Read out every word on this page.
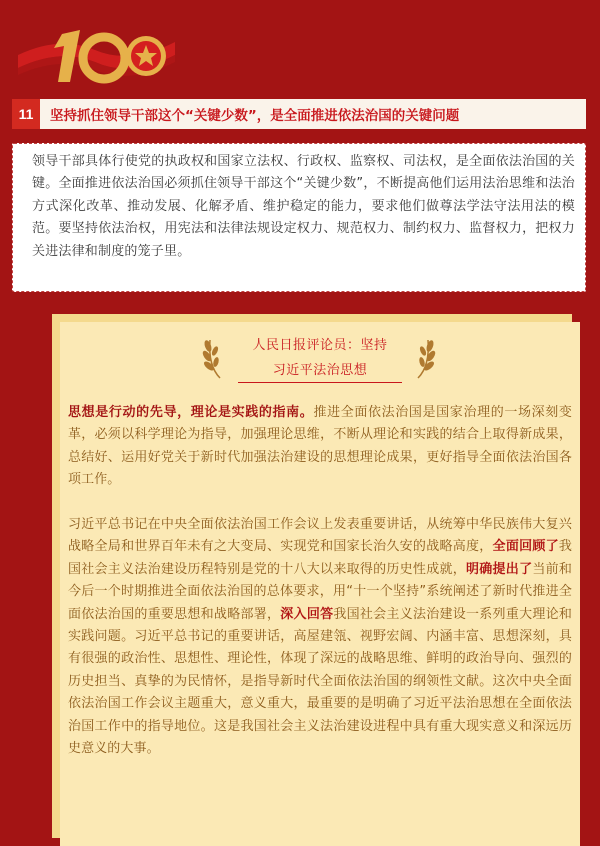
11	坚持抓住领导干部这个“关键少数”，是全面推进依法治国的关键问题
领导干部具体行使党的执政权和国家立法权、行政权、监察权、司法权，是全面依法治国的关键。全面推进依法治国必须抓住领导干部这个“关键少数”，不断提高他们运用法治思维和法治方式深化改革、推动发展、化解矛盾、维护稳定的能力，要求他们做尊法学法守法用法的模范。要坚持依法治权，用宪法和法律法规设定权力、规范权力、制约权力、监督权力，把权力关进法律和制度的笼子里。
人民日报评论员：坚持
习近平法治思想

思想是行动的先导，理论是实践的指南。推进全面依法治国是国家治理的一场深刻变革，必须以科学理论为指导，加强理论思维，不断从理论和实践的结合上取得新成果，总结好、运用好党关于新时代加强法治建设的思想理论成果，更好指导全面依法治国各项工作。

习近平总书记在中央全面依法治国工作会议上发表重要讲话，从统筹中华民族伟大复兴战略全局和世界百年未有之大变局、实现党和国家长治久安的战略高度，全面回顾了我国社会主义法治建设历程特别是党的十八大以来取得的历史性成就，明确提出了当前和今后一个时期推进全面依法治国的总体要求，用“十一个坚持”系统阐述了新时代推进全面依法治国的重要思想和战略部署，深入回答我国社会主义法治建设一系列重大理论和实践问题。习近平总书记的重要讲话，高屋建瓴、视野宏阔、内涵丰富、思想深刻，具有很强的政治性、思想性、理论性，体现了深远的战略思维、鲜明的政治导向、强烈的历史担当、真挚的为民情怀，是指导新时代全面依法治国的纲领性文献。这次中央全面依法治国工作会议主题重大，意义重大，最重要的是明确了习近平法治思想在全面依法治国工作中的指导地位。这是我国社会主义法治建设进程中具有重大现实意义和深远历史意义的大事。
